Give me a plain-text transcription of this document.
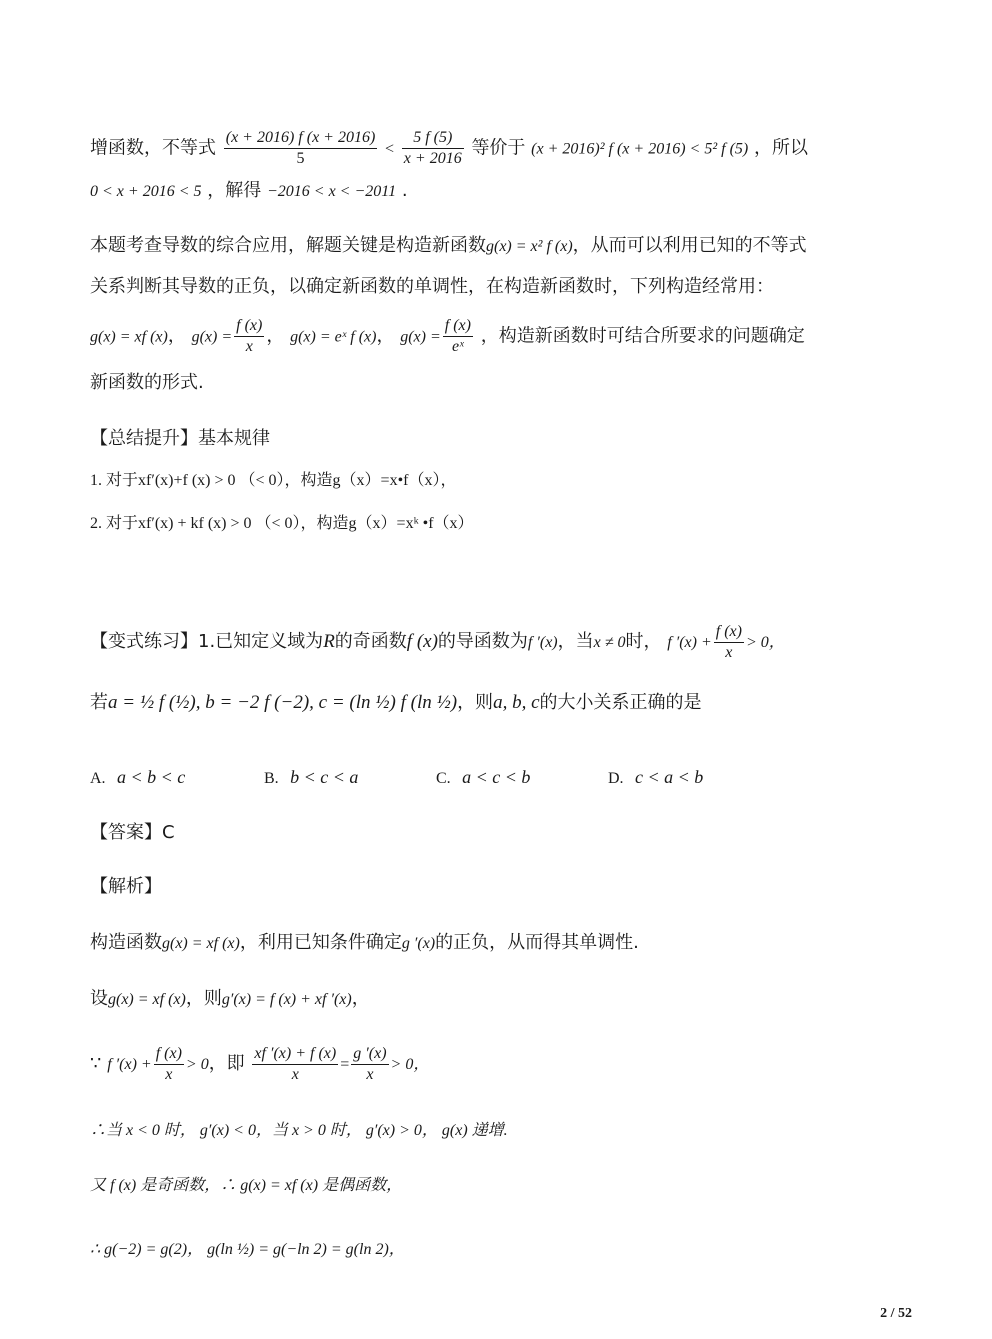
增函数，不等式 $\frac{(x + 2016) f (x + 2016)}{5} < \frac{5 f (5)}{x + 2016}$ 等价于 (x + 2016)² f (x + 2016) < 5² f (5) ，所以
0 < x + 2016 < 5 ，解得 −2016 < x < −2011 .
本题考查导数的综合应用，解题关键是构造新函数g(x) = x² f (x)，从而可以利用已知的不等式
关系判断其导数的正负，以确定新函数的单调性，在构造新函数时，下列构造经常用：
g(x) = xf (x)， $g(x) = \frac{f (x)}{x}$ ， g(x) = eˣ f (x)， $g(x) = \frac{f (x)}{\text{eˣ}}$ ，构造新函数时可结合所要求的问题确定
新函数的形式.
【总结提升】基本规律
1. 对于xf′(x)+f (x) > 0 （< 0），构造g（x）=x•f（x），
2. 对于xf′(x) + kf (x) > 0 （< 0），构造g（x）=xᵏ •f（x）
【变式练习】1.已知定义域为R的奇函数f (x)的导函数为f ′(x)，当x ≠ 0时， f $'(x) + \frac{f (x)}{x} > 0$，
若a = ½ f (½), b = −2 f (−2), c = (ln ½) f (ln ½)，则a, b, c的大小关系正确的是
A. a < b < c	B. b < c < a	C. a < c < b	D. c < a < b
【答案】C
【解析】
构造函数g(x) = xf (x)，利用已知条件确定g ′(x)的正负，从而得其单调性.
设g(x) = xf (x)，则g′(x) = f (x) + xf ′(x)，
∵ f $'(x) + \frac{f (x)}{x} > 0$，即 $\frac{xf '(x) + f (x)}{x} = \frac{g '(x)}{x} > 0$，
∴当 x < 0 时， g′(x) < 0，当 x > 0 时， g′(x) > 0， g(x) 递增.
又 f (x) 是奇函数，∴ g(x) = xf (x) 是偶函数，
∴ g(−2) = g(2)， g(ln ½) = g(−ln 2) = g(ln 2)，
2 / 52
